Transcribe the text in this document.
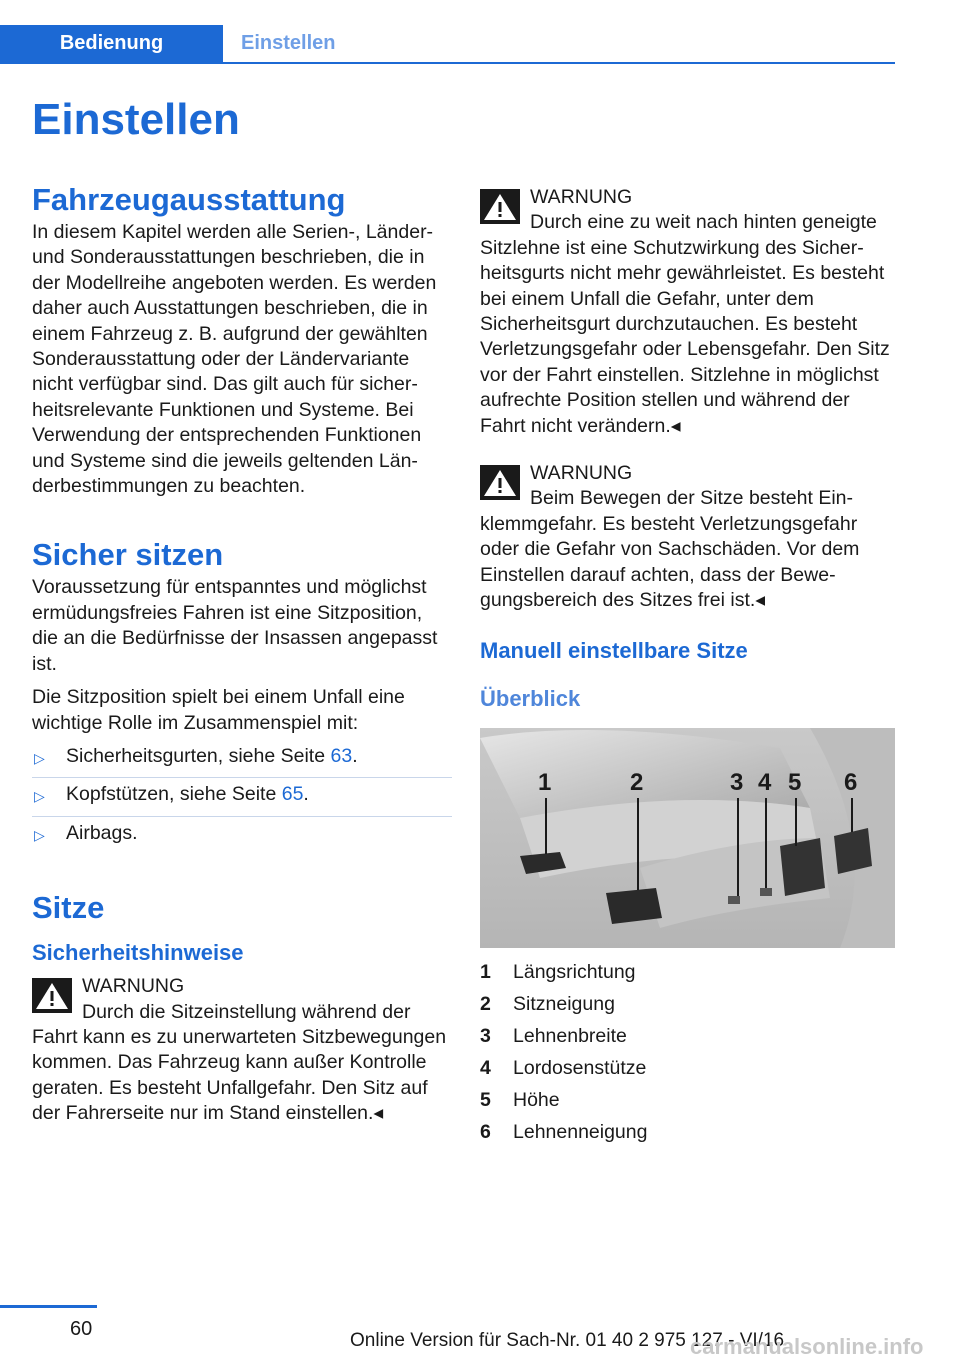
Bedienung	Einstellen
Einstellen
Fahrzeugausstattung

In diesem Kapitel werden alle Serien-, Länder- und Sonderausstattungen beschrieben, die in der Modellreihe angeboten werden. Es werden daher auch Ausstattungen beschrieben, die in einem Fahrzeug z. B. aufgrund der gewählten Sonderausstattung oder der Ländervariante nicht verfügbar sind. Das gilt auch für sicherheitsrelevante Funktionen und Systeme. Bei Verwendung der entsprechenden Funktionen und Systeme sind die jeweils geltenden Länderbestimmungen zu beachten.

Sicher sitzen

Voraussetzung für entspanntes und möglichst ermüdungsfreies Fahren ist eine Sitzposition, die an die Bedürfnisse der Insassen angepasst ist.

Die Sitzposition spielt bei einem Unfall eine wichtige Rolle im Zusammenspiel mit:

▷ Sicherheitsgurten, siehe Seite 63.
▷ Kopfstützen, siehe Seite 65.
▷ Airbags.
Sitze
Sicherheitshinweise

WARNUNG

Durch die Sitzeinstellung während der Fahrt kann es zu unerwarteten Sitzbewegungen kommen. Das Fahrzeug kann außer Kontrolle geraten. Es besteht Unfallgefahr. Den Sitz auf der Fahrerseite nur im Stand einstellen.◂

WARNUNG

Durch eine zu weit nach hinten geneigte Sitzlehne ist eine Schutzwirkung des Sicherheitsgurts nicht mehr gewährleistet. Es besteht bei einem Unfall die Gefahr, unter dem Sicherheitsgurt durchzutauchen. Es besteht Verletzungsgefahr oder Lebensgefahr. Den Sitz vor der Fahrt einstellen. Sitzlehne in möglichst aufrechte Position stellen und während der Fahrt nicht verändern.◂

WARNUNG

Beim Bewegen der Sitze besteht Einklemmgefahr. Es besteht Verletzungsgefahr oder die Gefahr von Sachschäden. Vor dem Einstellen darauf achten, dass der Bewegungsbereich des Sitzes frei ist.◂

Manuell einstellbare Sitze
Überblick
1	2	3 4 5 6
1	Längsrichtung
2	Sitzneigung
3	Lehnenbreite
4	Lordosenstütze
5	Höhe
6	Lehnenneigung
60
Online Version für Sach-Nr. 01 40 2 975 127 - VI/16
carmanualsonline.info
